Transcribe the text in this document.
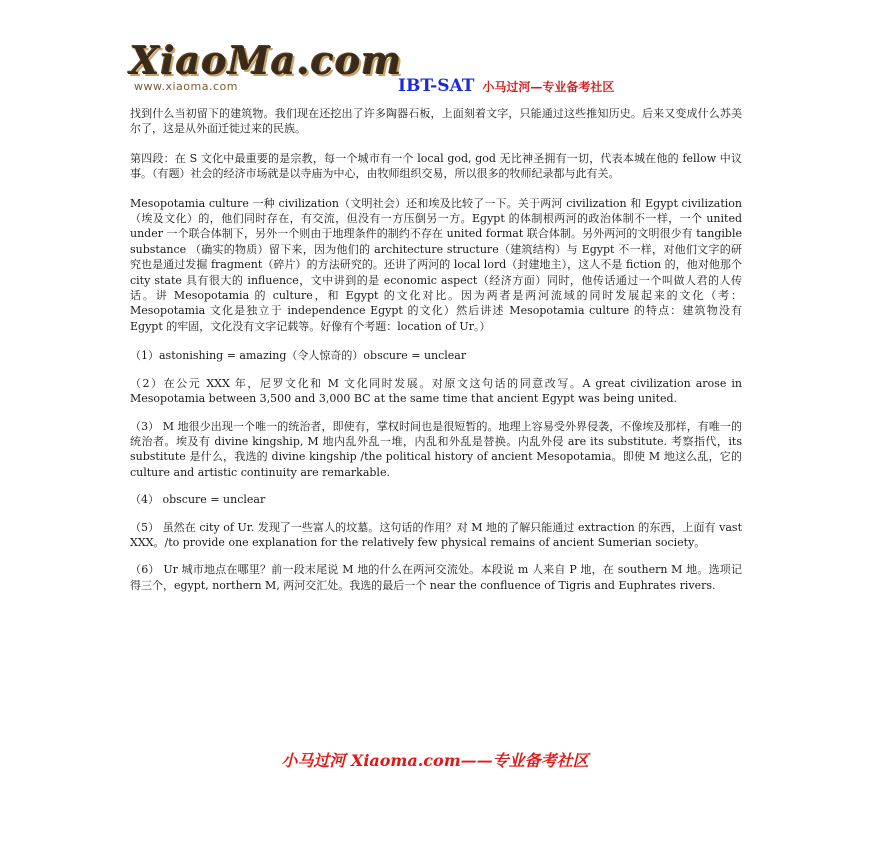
XiaoMa.com
www.xiaoma.com	IBT-SAT 小马过河—专业备考社区

找到什么当初留下的建筑物。我们现在还挖出了许多陶器石板，上面刻着文字，只能通过这些推知历史。后来又变成什么苏美尔了，这是从外面迁徙过来的民族。

第四段：在 S 文化中最重要的是宗教，每一个城市有一个 local god, god 无比神圣拥有一切，代表本城在他的 fellow 中议事。（有题）社会的经济市场就是以寺庙为中心，由牧师组织交易，所以很多的牧师纪录都与此有关。

Mesopotamia culture 一种 civilization（文明社会）还和埃及比较了一下。关于两河 civilization 和 Egypt civilization（埃及文化）的，他们同时存在，有交流，但没有一方压倒另一方。Egypt 的体制根两河的政治体制不一样，一个 united under 一个联合体制下，另外一个则由于地理条件的制约不存在 united format 联合体制。另外两河的文明很少有 tangible substance （确实的物质）留下来，因为他们的 architecture structure（建筑结构）与 Egypt 不一样，对他们文字的研究也是通过发掘 fragment（碎片）的方法研究的。还讲了两河的 local lord（封建地主），这人不是 fiction 的，他对他那个 city state 具有很大的 influence，文中讲到的是 economic aspect（经济方面）同时，他传话通过一个叫做人君的人传话。讲 Mesopotamia 的 culture，和 Egypt 的文化对比。因为两者是两河流域的同时发展起来的文化（考：Mesopotamia 文化是独立于 independence Egypt 的文化）然后讲述 Mesopotamia culture 的特点：建筑物没有 Egypt 的牢固，文化没有文字记载等。好像有个考题：location of Ur。）

（1）astonishing = amazing（令人惊奇的）obscure = unclear

（2）在公元 XXX 年，尼罗文化和 M 文化同时发展。对原文这句话的同意改写。A great civilization arose in Mesopotamia between 3,500 and 3,000 BC at the same time that ancient Egypt was being united.

（3） M 地很少出现一个唯一的统治者，即使有，掌权时间也是很短暂的。地理上容易受外界侵袭，不像埃及那样，有唯一的统治者。埃及有 divine kingship, M 地内乱外乱一堆，内乱和外乱是替换。内乱外侵 are its substitute. 考察指代，its substitute 是什么，我选的 divine kingship /the political history of ancient Mesopotamia。即使 M 地这么乱，它的 culture and artistic continuity are remarkable.

（4） obscure = unclear

（5） 虽然在 city of Ur. 发现了一些富人的坟墓。这句话的作用？对 M 地的了解只能通过 extraction 的东西，上面有 vast XXX。/to provide one explanation for the relatively few physical remains of ancient Sumerian society。

（6） Ur 城市地点在哪里？前一段末尾说 M 地的什么在两河交流处。本段说 m 人来自 P 地，在 southern M 地。选项记得三个，egypt, northern M, 两河交汇处。我选的最后一个 near the confluence of Tigris and Euphrates rivers.

小马过河 Xiaoma.com——专业备考社区
